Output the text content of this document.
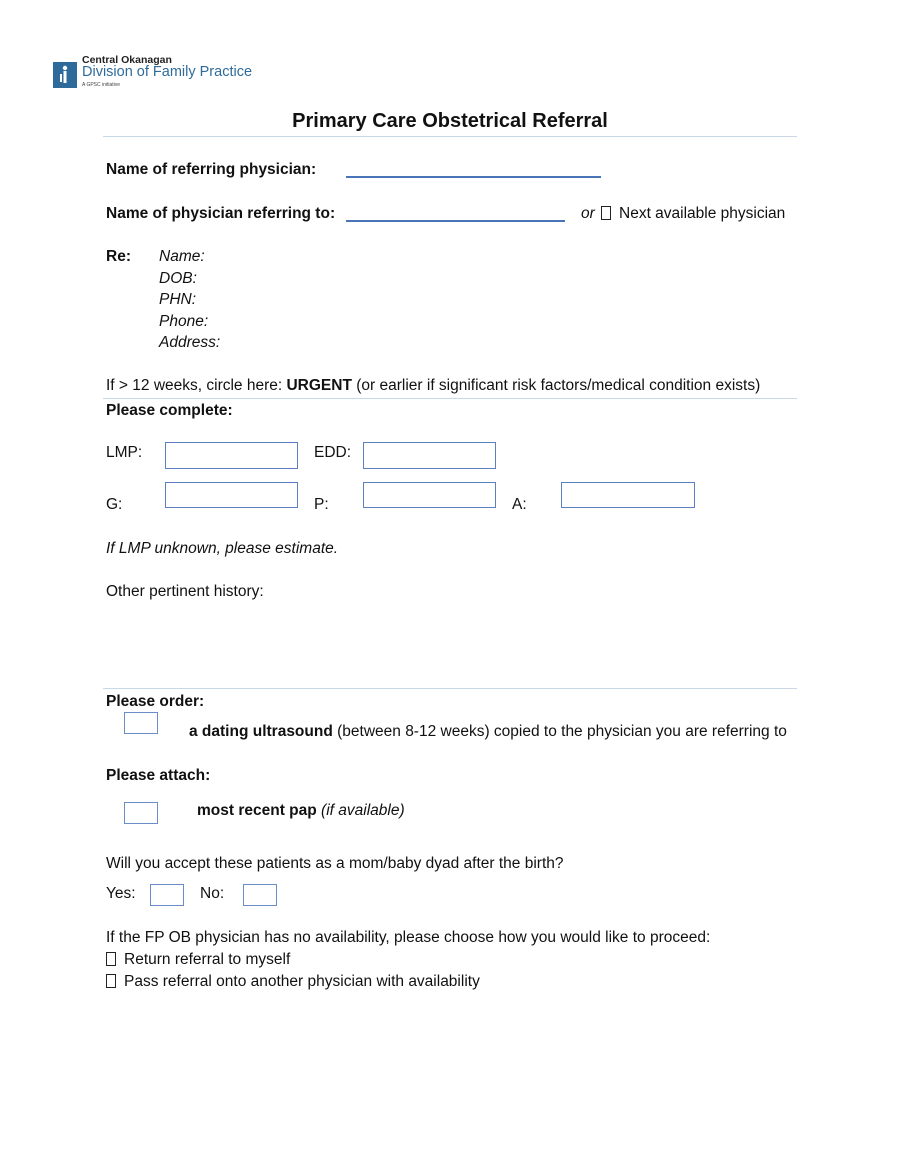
Central Okanagan
Division of Family Practice
A GPSC initiative
Primary Care Obstetrical Referral
Name of referring physician:
Name of physician referring to:	or Next available physician
Re: Name:
DOB:
PHN:
Phone:
Address:
If > 12 weeks, circle here: URGENT (or earlier if significant risk factors/medical condition exists)
Please complete:
LMP:	EDD:
G:	P:	A:
If LMP unknown, please estimate.
Other pertinent history:
Please order:
a dating ultrasound (between 8-12 weeks) copied to the physician you are referring to
Please attach:
most recent pap (if available)
Will you accept these patients as a mom/baby dyad after the birth?
Yes:	No:
If the FP OB physician has no availability, please choose how you would like to proceed:
Return referral to myself
Pass referral onto another physician with availability
